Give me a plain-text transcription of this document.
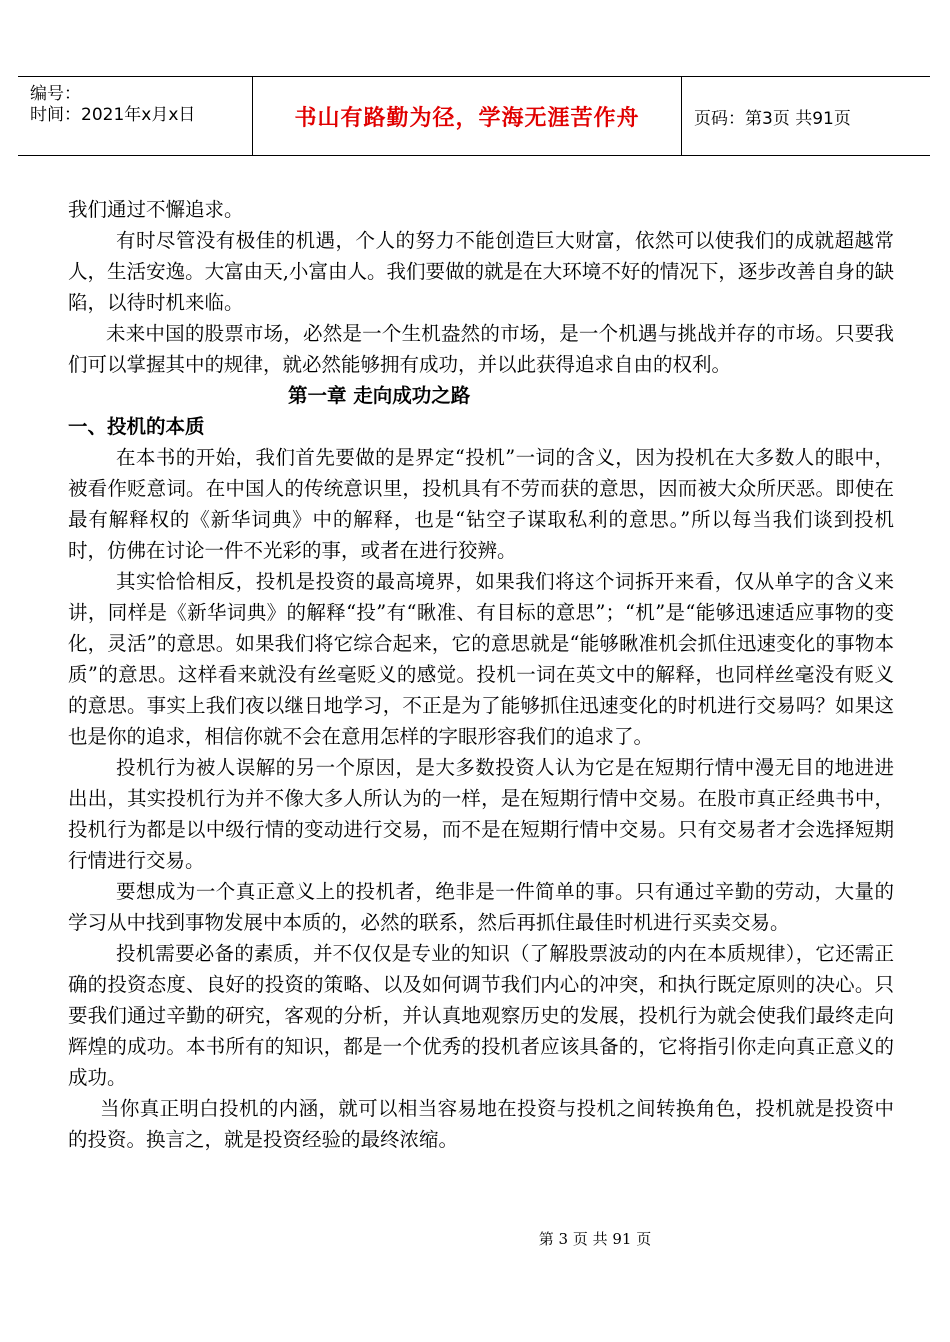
编号：
时间：2021年x月x日	书山有路勤为径，学海无涯苦作舟	页码：第3页 共91页

我们通过不懈追求。

有时尽管没有极佳的机遇，个人的努力不能创造巨大财富，依然可以使我们的成就超越常人，生活安逸。大富由天,小富由人。我们要做的就是在大环境不好的情况下，逐步改善自身的缺陷，以待时机来临。

未来中国的股票市场，必然是一个生机盎然的市场，是一个机遇与挑战并存的市场。只要我们可以掌握其中的规律，就必然能够拥有成功，并以此获得追求自由的权利。

第一章 走向成功之路

一、投机的本质

在本书的开始，我们首先要做的是界定“投机”一词的含义，因为投机在大多数人的眼中，被看作贬意词。在中国人的传统意识里，投机具有不劳而获的意思，因而被大众所厌恶。即使在最有解释权的《新华词典》中的解释，也是“钻空子谋取私利的意思。”所以每当我们谈到投机时，仿佛在讨论一件不光彩的事，或者在进行狡辨。

其实恰恰相反，投机是投资的最高境界，如果我们将这个词拆开来看，仅从单字的含义来讲，同样是《新华词典》的解释“投”有“瞅准、有目标的意思”；“机”是“能够迅速适应事物的变化，灵活”的意思。如果我们将它综合起来，它的意思就是“能够瞅准机会抓住迅速变化的事物本质”的意思。这样看来就没有丝毫贬义的感觉。投机一词在英文中的解释，也同样丝毫没有贬义的意思。事实上我们夜以继日地学习，不正是为了能够抓住迅速变化的时机进行交易吗？如果这也是你的追求，相信你就不会在意用怎样的字眼形容我们的追求了。

投机行为被人误解的另一个原因，是大多数投资人认为它是在短期行情中漫无目的地进进出出，其实投机行为并不像大多人所认为的一样，是在短期行情中交易。在股市真正经典书中，投机行为都是以中级行情的变动进行交易，而不是在短期行情中交易。只有交易者才会选择短期行情进行交易。

要想成为一个真正意义上的投机者，绝非是一件简单的事。只有通过辛勤的劳动，大量的学习从中找到事物发展中本质的，必然的联系，然后再抓住最佳时机进行买卖交易。

投机需要必备的素质，并不仅仅是专业的知识（了解股票波动的内在本质规律），它还需正确的投资态度、良好的投资的策略、以及如何调节我们内心的冲突，和执行既定原则的决心。只要我们通过辛勤的研究，客观的分析，并认真地观察历史的发展，投机行为就会使我们最终走向辉煌的成功。本书所有的知识，都是一个优秀的投机者应该具备的，它将指引你走向真正意义的成功。

当你真正明白投机的内涵，就可以相当容易地在投资与投机之间转换角色，投机就是投资中的投资。换言之，就是投资经验的最终浓缩。

第 3 页 共 91 页
